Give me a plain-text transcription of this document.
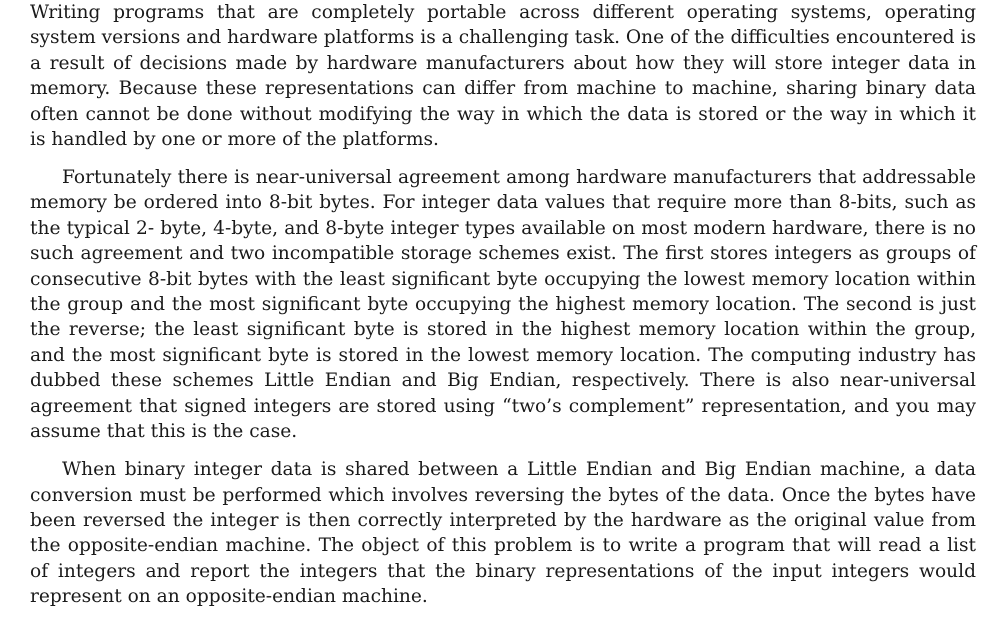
Writing programs that are completely portable across different operating systems, operating system versions and hardware platforms is a challenging task. One of the difficulties encountered is a result of decisions made by hardware manufacturers about how they will store integer data in memory. Because these representations can differ from machine to machine, sharing binary data often cannot be done without modifying the way in which the data is stored or the way in which it is handled by one or more of the platforms.

Fortunately there is near-universal agreement among hardware manufacturers that addressable memory be ordered into 8-bit bytes. For integer data values that require more than 8-bits, such as the typical 2- byte, 4-byte, and 8-byte integer types available on most modern hardware, there is no such agreement and two incompatible storage schemes exist. The first stores integers as groups of consecutive 8-bit bytes with the least significant byte occupying the lowest memory location within the group and the most significant byte occupying the highest memory location. The second is just the reverse; the least significant byte is stored in the highest memory location within the group, and the most significant byte is stored in the lowest memory location. The computing industry has dubbed these schemes Little Endian and Big Endian, respectively. There is also near-universal agreement that signed integers are stored using “two’s complement” representation, and you may assume that this is the case.

When binary integer data is shared between a Little Endian and Big Endian machine, a data conversion must be performed which involves reversing the bytes of the data. Once the bytes have been reversed the integer is then correctly interpreted by the hardware as the original value from the opposite-endian machine. The object of this problem is to write a program that will read a list of integers and report the integers that the binary representations of the input integers would represent on an opposite-endian machine.
